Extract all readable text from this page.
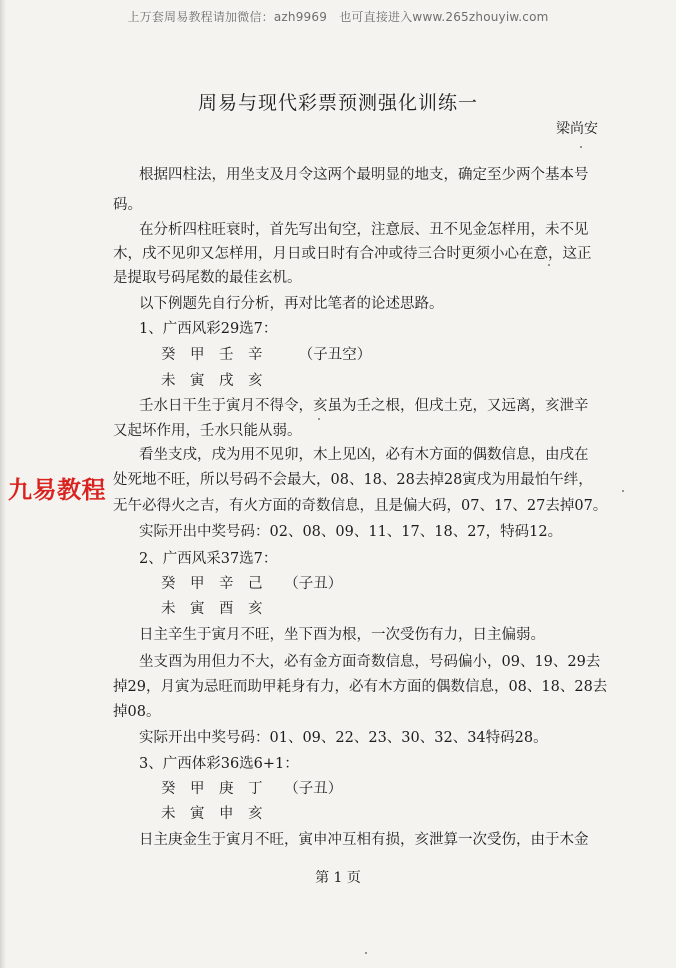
上万套周易教程请加微信：azh9969　也可直接进入www.265zhouyiw.com
周易与现代彩票预测强化训练一
梁尚安
根据四柱法，用坐支及月令这两个最明显的地支，确定至少两个基本号
码。
在分析四柱旺衰时，首先写出旬空，注意辰、丑不见金怎样用，未不见
木，戌不见卯又怎样用，月日或日时有合冲或待三合时更须小心在意，这正
是提取号码尾数的最佳玄机。
以下例题先自行分析，再对比笔者的论述思路。
1、广西风彩29选7：
癸　甲　壬　辛　　　（子丑空）
未　寅　戌　亥
壬水日干生于寅月不得令，亥虽为壬之根，但戌土克，又远离，亥泄辛
又起坏作用，壬水只能从弱。
看坐支戌，戌为用不见卯，木上见凶，必有木方面的偶数信息，由戌在
处死地不旺，所以号码不会最大，08、18、28去掉28寅戌为用最怕午绊，
无午必得火之吉，有火方面的奇数信息，且是偏大码，07、17、27去掉07。
实际开出中奖号码：02、08、09、11、17、18、27，特码12。
2、广西风采37选7：
癸　甲　辛　己　　（子丑）
未　寅　酉　亥
日主辛生于寅月不旺，坐下酉为根，一次受伤有力，日主偏弱。
坐支酉为用但力不大，必有金方面奇数信息，号码偏小，09、19、29去
掉29，月寅为忌旺而助甲耗身有力，必有木方面的偶数信息，08、18、28去
掉08。
实际开出中奖号码：01、09、22、23、30、32、34特码28。
3、广西体彩36选6+1：
癸　甲　庚　丁　　（子丑）
未　寅　申　亥
日主庚金生于寅月不旺，寅申冲互相有损，亥泄算一次受伤，由于木金
九易教程
第 1 页
